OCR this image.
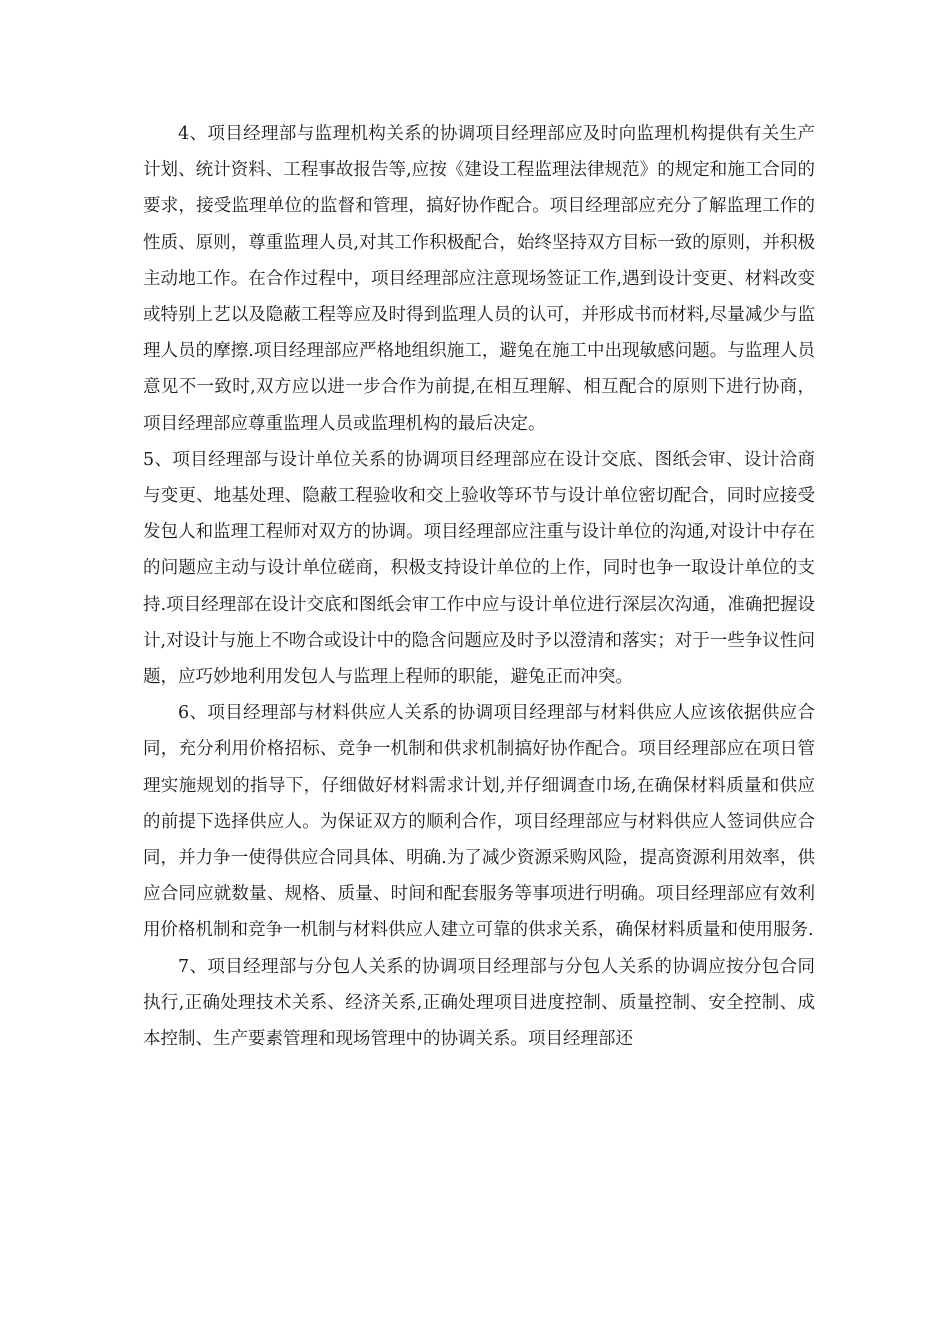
4、项目经理部与监理机构关系的协调项目经理部应及时向监理机构提供有关生产计划、统计资料、工程事故报告等,应按《建设工程监理法律规范》的规定和施工合同的要求，接受监理单位的监督和管理，搞好协作配合。项目经理部应充分了解监理工作的性质、原则，尊重监理人员,对其工作积极配合，始终坚持双方目标一致的原则，并积极主动地工作。在合作过程中，项目经理部应注意现场签证工作,遇到设计变更、材料改变或特别上艺以及隐蔽工程等应及时得到监理人员的认可，并形成书而材料,尽量减少与监理人员的摩擦.项目经理部应严格地组织施工，避兔在施工中出现敏感问题。与监理人员意见不一致时,双方应以进一步合作为前提,在相互理解、相互配合的原则下进行协商，项目经理部应尊重监理人员或监理机构的最后决定。

5、项目经理部与设计单位关系的协调项目经理部应在设计交底、图纸会审、设计洽商与变更、地基处理、隐蔽工程验收和交上验收等环节与设计单位密切配合，同时应接受发包人和监理工程师对双方的协调。项目经理部应注重与设计单位的沟通,对设计中存在的问题应主动与设计单位磋商，积极支持设计单位的上作，同时也争一取设计单位的支持.项目经理部在设计交底和图纸会审工作中应与设计单位进行深层次沟通，准确把握设计,对设计与施上不吻合或设计中的隐含问题应及时予以澄清和落实；对于一些争议性问题，应巧妙地利用发包人与监理上程师的职能，避兔正而冲突。

6、项目经理部与材料供应人关系的协调项目经理部与材料供应人应该依据供应合同，充分利用价格招标、竞争一机制和供求机制搞好协作配合。项目经理部应在项日管理实施规划的指导下，仔细做好材料需求计划,并仔细调查巾场,在确保材料质量和供应的前提下选择供应人。为保证双方的顺利合作，项目经理部应与材料供应人签词供应合同，并力争一使得供应合同具体、明确.为了减少资源采购风险，提高资源利用效率，供应合同应就数量、规格、质量、时间和配套服务等事项进行明确。项目经理部应有效利用价格机制和竞争一机制与材料供应人建立可靠的供求关系，确保材料质量和使用服务.

7、项目经理部与分包人关系的协调项目经理部与分包人关系的协调应按分包合同执行,正确处理技术关系、经济关系,正确处理项目进度控制、质量控制、安全控制、成本控制、生产要素管理和现场管理中的协调关系。项目经理部还
